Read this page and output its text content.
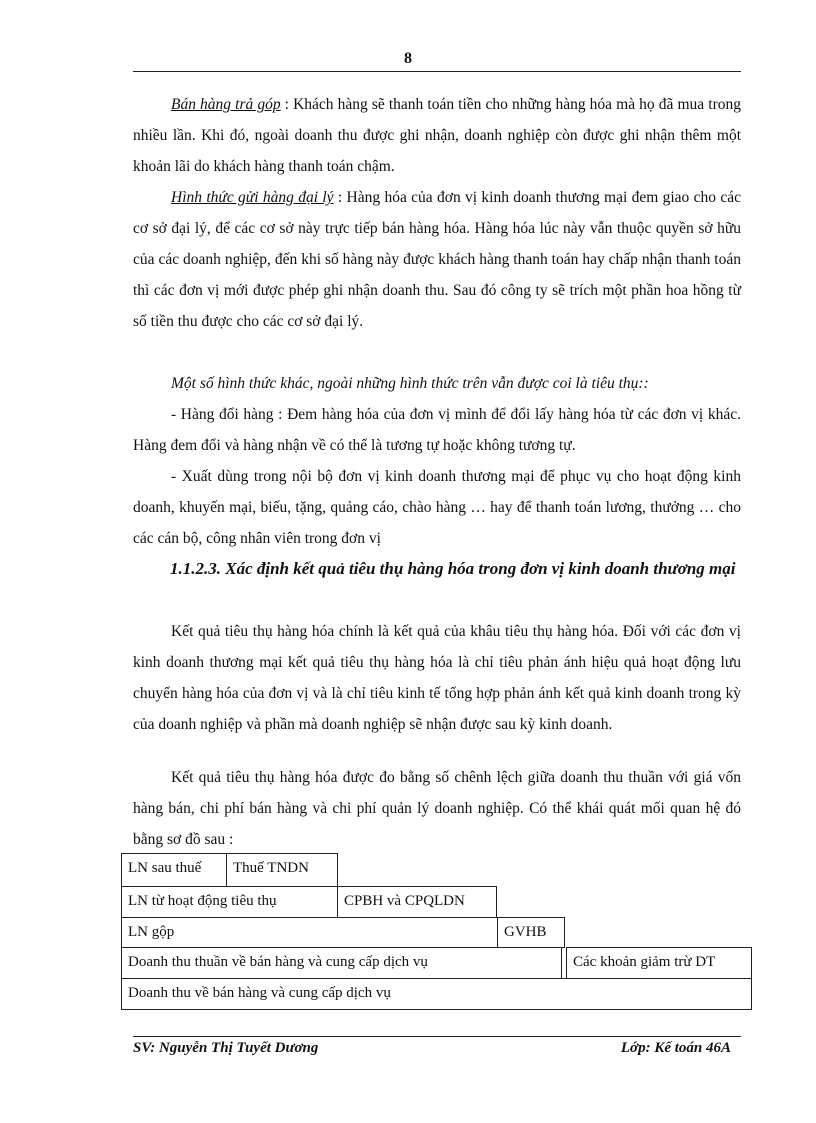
8

Bán hàng trả góp : Khách hàng sẽ thanh toán tiền cho những hàng hóa mà họ đã mua trong nhiều lần. Khi đó, ngoài doanh thu được ghi nhận, doanh nghiệp còn được ghi nhận thêm một khoản lãi do khách hàng thanh toán chậm.

Hình thức gửi hàng đại lý : Hàng hóa của đơn vị kinh doanh thương mại đem giao cho các cơ sở đại lý, để các cơ sở này trực tiếp bán hàng hóa. Hàng hóa lúc này vẫn thuộc quyền sở hữu của các doanh nghiệp, đến khi số hàng này được khách hàng thanh toán hay chấp nhận thanh toán thì các đơn vị mới được phép ghi nhận doanh thu. Sau đó công ty sẽ trích một phần hoa hồng từ số tiền thu được cho các cơ sở đại lý.

Một số hình thức khác, ngoài những hình thức trên vẫn được coi là tiêu thụ::

- Hàng đổi hàng : Đem hàng hóa của đơn vị mình để đổi lấy hàng hóa từ các đơn vị khác. Hàng đem đổi và hàng nhận về có thể là tương tự hoặc không tương tự.

- Xuất dùng trong nội bộ đơn vị kinh doanh thương mại để phục vụ cho hoạt động kinh doanh, khuyến mại, biếu, tặng, quảng cáo, chào hàng … hay để thanh toán lương, thưởng … cho các cán bộ, công nhân viên trong đơn vị

1.1.2.3. Xác định kết quả tiêu thụ hàng hóa trong đơn vị kinh doanh thương mại

Kết quả tiêu thụ hàng hóa chính là kết quả của khâu tiêu thụ hàng hóa. Đối với các đơn vị kinh doanh thương mại kết quả tiêu thụ hàng hóa là chỉ tiêu phản ánh hiệu quả hoạt động lưu chuyển hàng hóa của đơn vị và là chỉ tiêu kinh tế tổng hợp phản ánh kết quả kinh doanh trong kỳ của doanh nghiệp và phần mà doanh nghiệp sẽ nhận được sau kỳ kinh doanh.

Kết quả tiêu thụ hàng hóa được đo bằng số chênh lệch giữa doanh thu thuần với giá vốn hàng bán, chi phí bán hàng và chi phí quản lý doanh nghiệp. Có thể khái quát mối quan hệ đó bằng sơ đồ sau :

LN sau thuế	Thuế TNDN
LN từ hoạt động tiêu thụ	CPBH và CPQLDN
LN gộp	GVHB
Doanh thu thuần về bán hàng và cung cấp dịch vụ	Các khoản giảm trừ DT
Doanh thu về bán hàng và cung cấp dịch vụ
SV: Nguyễn Thị Tuyết Dương	Lớp: Kế toán 46A
